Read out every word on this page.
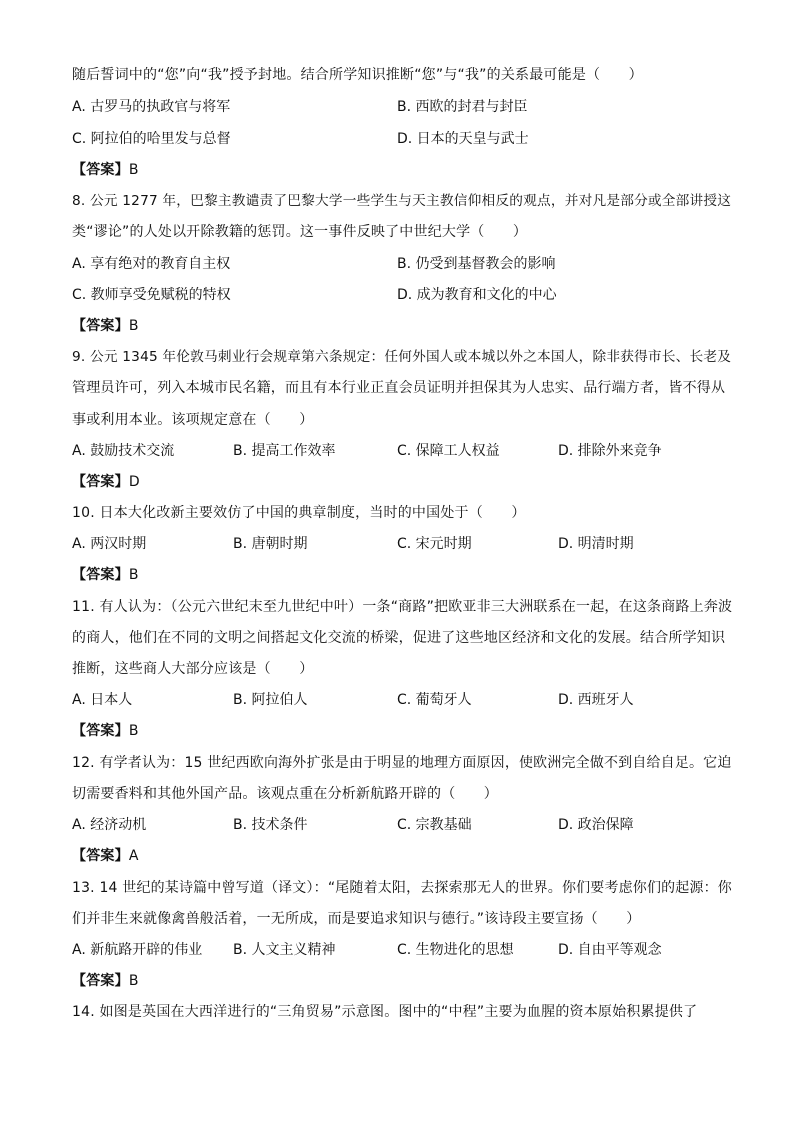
随后誓词中的“您”向“我”授予封地。结合所学知识推断“您”与“我”的关系最可能是（　　）
A. 古罗马的执政官与将军	B. 西欧的封君与封臣
C. 阿拉伯的哈里发与总督	D. 日本的天皇与武士
【答案】B
8. 公元 1277 年，巴黎主教谴责了巴黎大学一些学生与天主教信仰相反的观点，并对凡是部分或全部讲授这
类“谬论”的人处以开除教籍的惩罚。这一事件反映了中世纪大学（　　）
A. 享有绝对的教育自主权	B. 仍受到基督教会的影响
C. 教师享受免赋税的特权	D. 成为教育和文化的中心
【答案】B
9. 公元 1345 年伦敦马刺业行会规章第六条规定：任何外国人或本城以外之本国人，除非获得市长、长老及
管理员许可，列入本城市民名籍，而且有本行业正直会员证明并担保其为人忠实、品行端方者，皆不得从
事或利用本业。该项规定意在（　　）
A. 鼓励技术交流	B. 提高工作效率	C. 保障工人权益	D. 排除外来竞争
【答案】D
10. 日本大化改新主要效仿了中国的典章制度，当时的中国处于（　　）
A. 两汉时期	B. 唐朝时期	C. 宋元时期	D. 明清时期
【答案】B
11. 有人认为：（公元六世纪末至九世纪中叶）一条“商路”把欧亚非三大洲联系在一起，在这条商路上奔波
的商人，他们在不同的文明之间搭起文化交流的桥梁，促进了这些地区经济和文化的发展。结合所学知识
推断，这些商人大部分应该是（　　）
A. 日本人	B. 阿拉伯人	C. 葡萄牙人	D. 西班牙人
【答案】B
12. 有学者认为：15 世纪西欧向海外扩张是由于明显的地理方面原因，使欧洲完全做不到自给自足。它迫
切需要香料和其他外国产品。该观点重在分析新航路开辟的（　　）
A. 经济动机	B. 技术条件	C. 宗教基础	D. 政治保障
【答案】A
13. 14 世纪的某诗篇中曾写道（译文）：“尾随着太阳，去探索那无人的世界。你们要考虑你们的起源：你
们并非生来就像禽兽般活着，一无所成，而是要追求知识与德行。”该诗段主要宣扬（　　）
A. 新航路开辟的伟业 B. 人文主义精神	C. 生物进化的思想	D. 自由平等观念
【答案】B
14. 如图是英国在大西洋进行的“三角贸易”示意图。图中的“中程”主要为血腥的资本原始积累提供了
